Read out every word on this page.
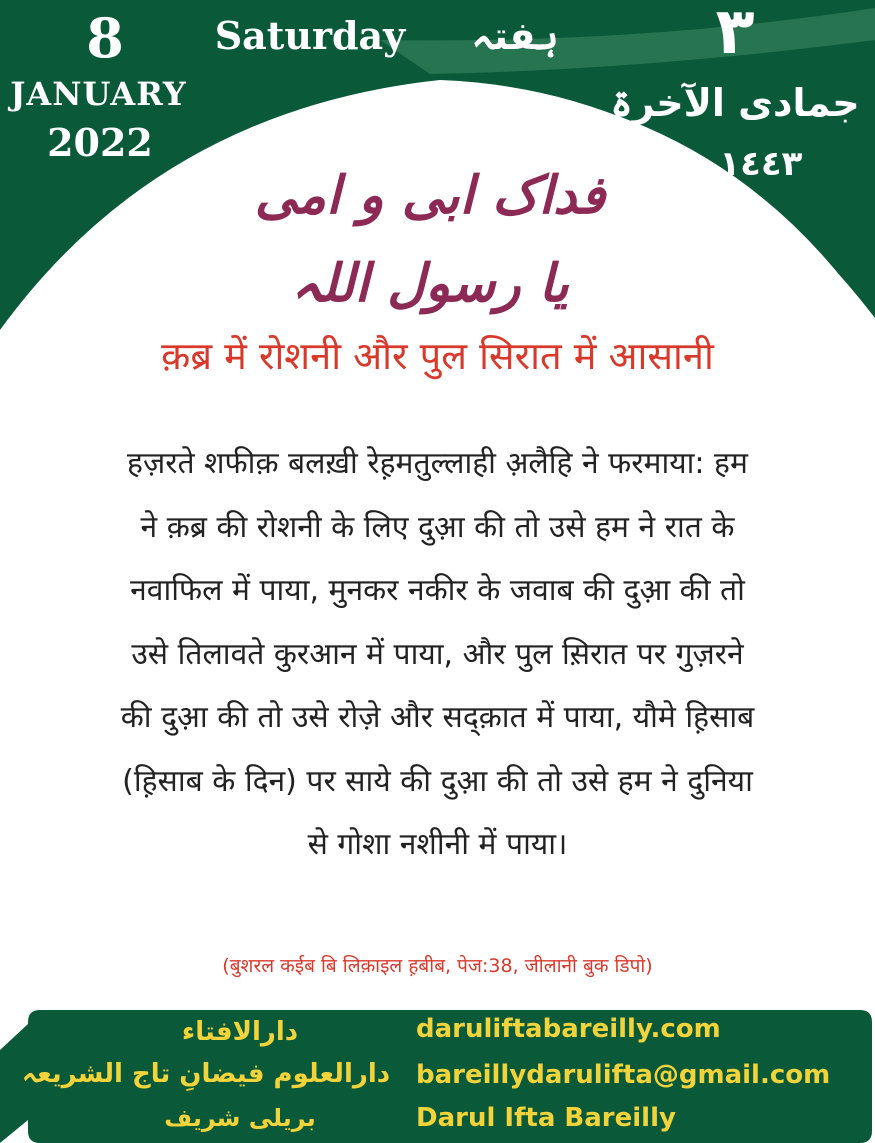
8
JANUARY
2022
Saturday	ہفتہ	٣
جمادی الآخرۃ
١٤٤٣ھ
فداک ابی و امی یا رسول اللہ
क़ब्र में रोशनी और पुल सिरात में आसानी
हज़रते शफीक़ बलख़ी रेह़मतुल्लाही अ़लैहि ने फरमाया: हम
ने क़ब्र की रोशनी के लिए दुआ़ की तो उसे हम ने रात के
नवाफिल में पाया, मुनकर नकीर के जवाब की दुआ़ की तो
उसे तिलावते कुरआन में पाया, और पुल स़िरात पर गुज़रने
की दुआ़ की तो उसे रोज़े और सद्क़ात में पाया, यौमे ह़िसाब
(ह़िसाब के दिन) पर साये की दुआ़ की तो उसे हम ने दुनिया
से गोशा नशीनी में पाया।
(बुशरल कईब बि लिक़ाइल ह़बीब, पेज:38, जीलानी बुक डिपो)
دارالافتاء
دارالعلوم فیضانِ تاج الشریعہ
بریلی شریف
daruliftabareilly.com
bareillydarulifta@gmail.com
Darul Ifta Bareilly
